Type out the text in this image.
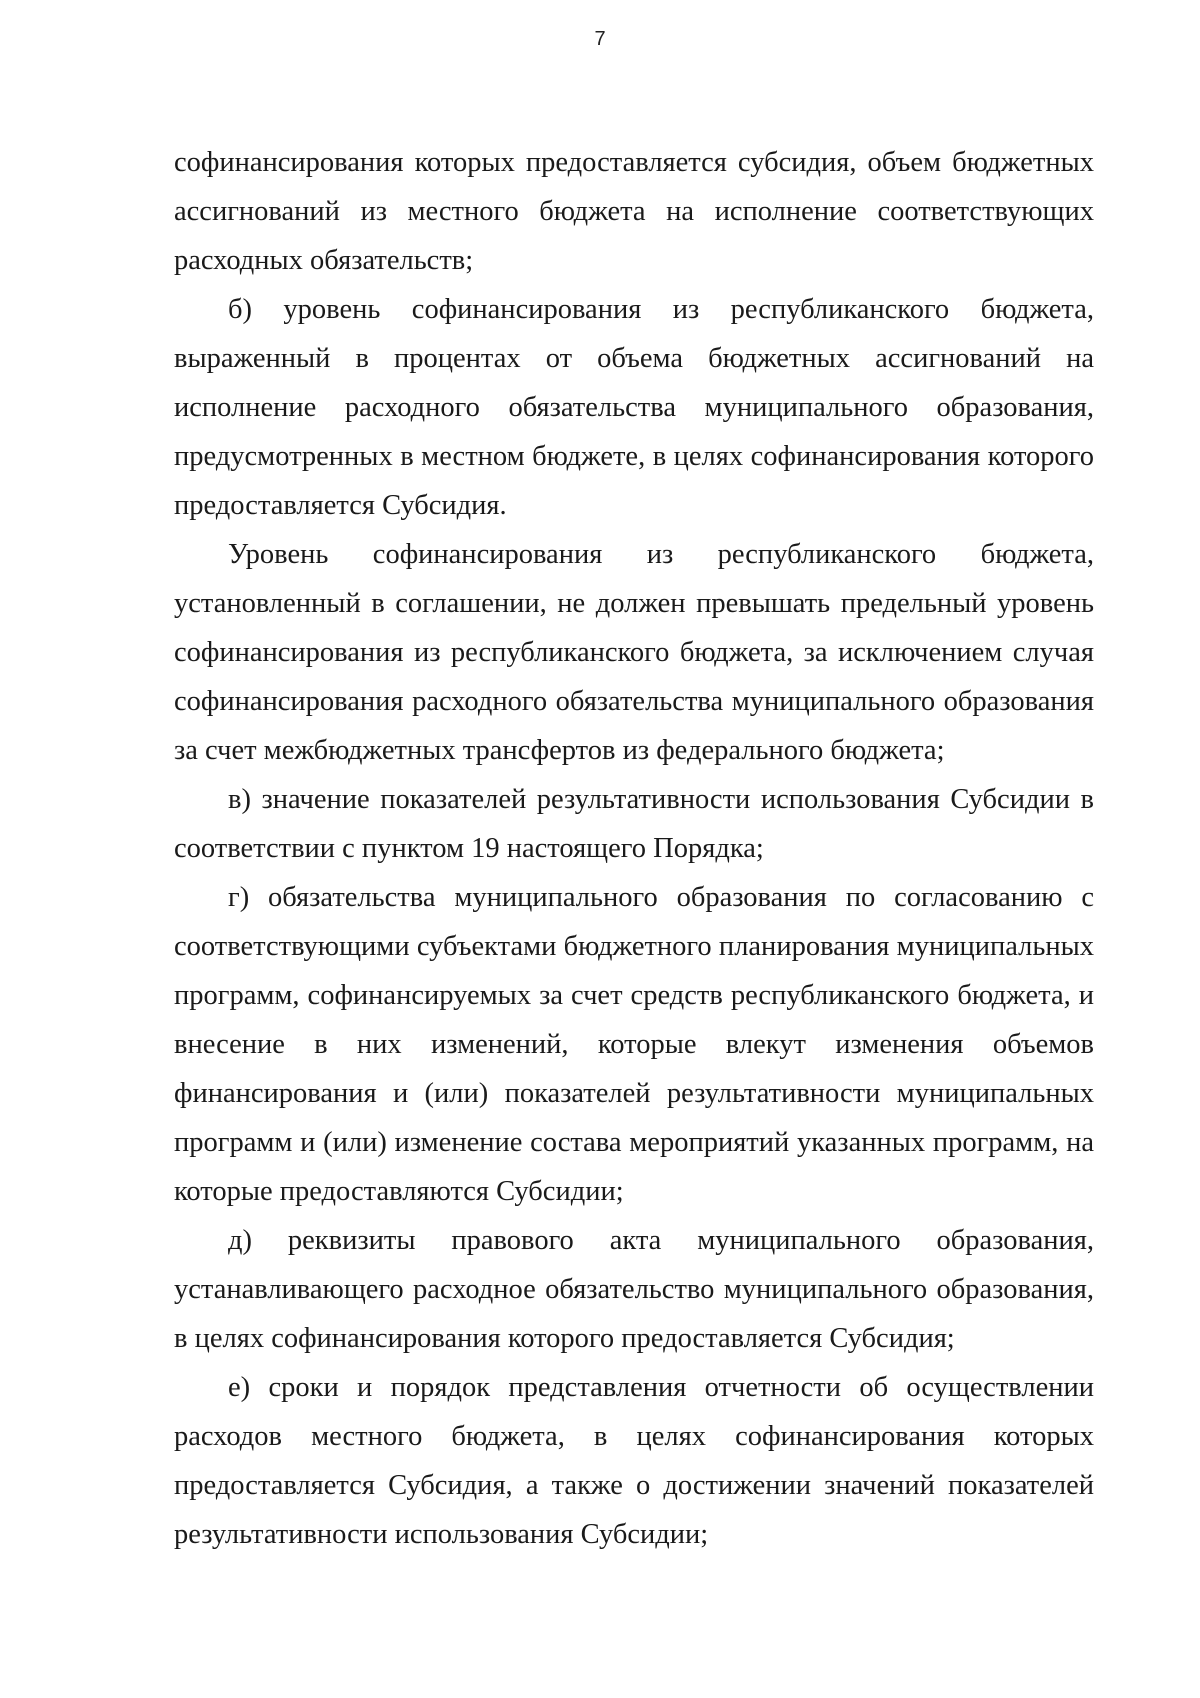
7

софинансирования которых предоставляется субсидия, объем бюджетных ассигнований из местного бюджета на исполнение соответствующих расходных обязательств;

б) уровень софинансирования из республиканского бюджета, выраженный в процентах от объема бюджетных ассигнований на исполнение расходного обязательства муниципального образования, предусмотренных в местном бюджете, в целях софинансирования которого предоставляется Субсидия.

Уровень софинансирования из республиканского бюджета, установленный в соглашении, не должен превышать предельный уровень софинансирования из республиканского бюджета, за исключением случая софинансирования расходного обязательства муниципального образования за счет межбюджетных трансфертов из федерального бюджета;

в) значение показателей результативности использования Субсидии в соответствии с пунктом 19 настоящего Порядка;

г) обязательства муниципального образования по согласованию с соответствующими субъектами бюджетного планирования муниципальных программ, софинансируемых за счет средств республиканского бюджета, и внесение в них изменений, которые влекут изменения объемов финансирования и (или) показателей результативности муниципальных программ и (или) изменение состава мероприятий указанных программ, на которые предоставляются Субсидии;

д) реквизиты правового акта муниципального образования, устанавливающего расходное обязательство муниципального образования, в целях софинансирования которого предоставляется Субсидия;

е) сроки и порядок представления отчетности об осуществлении расходов местного бюджета, в целях софинансирования которых предоставляется Субсидия, а также о достижении значений показателей результативности использования Субсидии;
